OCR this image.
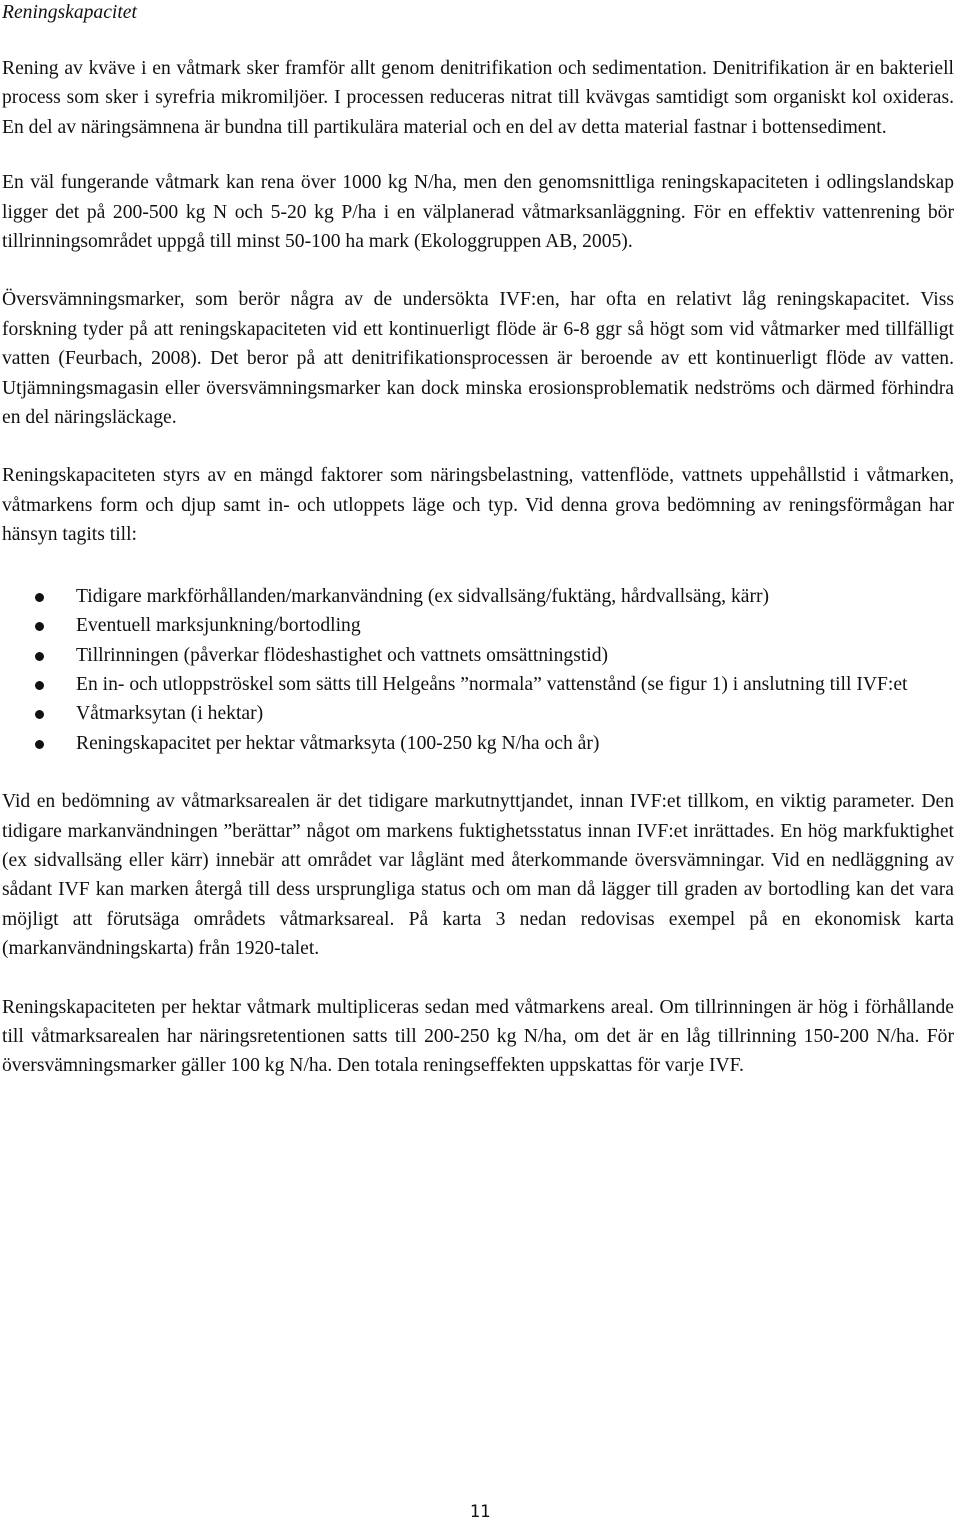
Reningskapacitet

Rening av kväve i en våtmark sker framför allt genom denitrifikation och sedimentation. Denitrifikation är en bakteriell process som sker i syrefria mikromiljöer. I processen reduceras nitrat till kvävgas samtidigt som organiskt kol oxideras. En del av näringsämnena är bundna till partikulära material och en del av detta material fastnar i bottensediment.

En väl fungerande våtmark kan rena över 1000 kg N/ha, men den genomsnittliga reningskapaciteten i odlingslandskap ligger det på 200-500 kg N och 5-20 kg P/ha i en välplanerad våtmarksanläggning. För en effektiv vattenrening bör tillrinningsområdet uppgå till minst 50-100 ha mark (Ekologgruppen AB, 2005).

Översvämningsmarker, som berör några av de undersökta IVF:en, har ofta en relativt låg reningskapacitet. Viss forskning tyder på att reningskapaciteten vid ett kontinuerligt flöde är 6-8 ggr så högt som vid våtmarker med tillfälligt vatten (Feurbach, 2008). Det beror på att denitrifikationsprocessen är beroende av ett kontinuerligt flöde av vatten. Utjämningsmagasin eller översvämningsmarker kan dock minska erosionsproblematik nedströms och därmed förhindra en del näringsläckage.

Reningskapaciteten styrs av en mängd faktorer som näringsbelastning, vattenflöde, vattnets uppehållstid i våtmarken, våtmarkens form och djup samt in- och utloppets läge och typ. Vid denna grova bedömning av reningsförmågan har hänsyn tagits till:

Tidigare markförhållanden/markanvändning (ex sidvallsäng/fuktäng, hårdvallsäng, kärr)
Eventuell marksjunkning/bortodling
Tillrinningen (påverkar flödeshastighet och vattnets omsättningstid)
En in- och utloppströskel som sätts till Helgeåns ”normala” vattenstånd (se figur 1) i anslutning till IVF:et
Våtmarksytan (i hektar)
Reningskapacitet per hektar våtmarksyta (100-250 kg N/ha och år)

Vid en bedömning av våtmarksarealen är det tidigare markutnyttjandet, innan IVF:et tillkom, en viktig parameter. Den tidigare markanvändningen ”berättar” något om markens fuktighetsstatus innan IVF:et inrättades. En hög markfuktighet (ex sidvallsäng eller kärr) innebär att området var låglänt med återkommande översvämningar. Vid en nedläggning av sådant IVF kan marken återgå till dess ursprungliga status och om man då lägger till graden av bortodling kan det vara möjligt att förutsäga områdets våtmarksareal. På karta 3 nedan redovisas exempel på en ekonomisk karta (markanvändningskarta) från 1920-talet.

Reningskapaciteten per hektar våtmark multipliceras sedan med våtmarkens areal. Om tillrinningen är hög i förhållande till våtmarksarealen har näringsretentionen satts till 200-250 kg N/ha, om det är en låg tillrinning 150-200 N/ha. För översvämningsmarker gäller 100 kg N/ha. Den totala reningseffekten uppskattas för varje IVF.

11
